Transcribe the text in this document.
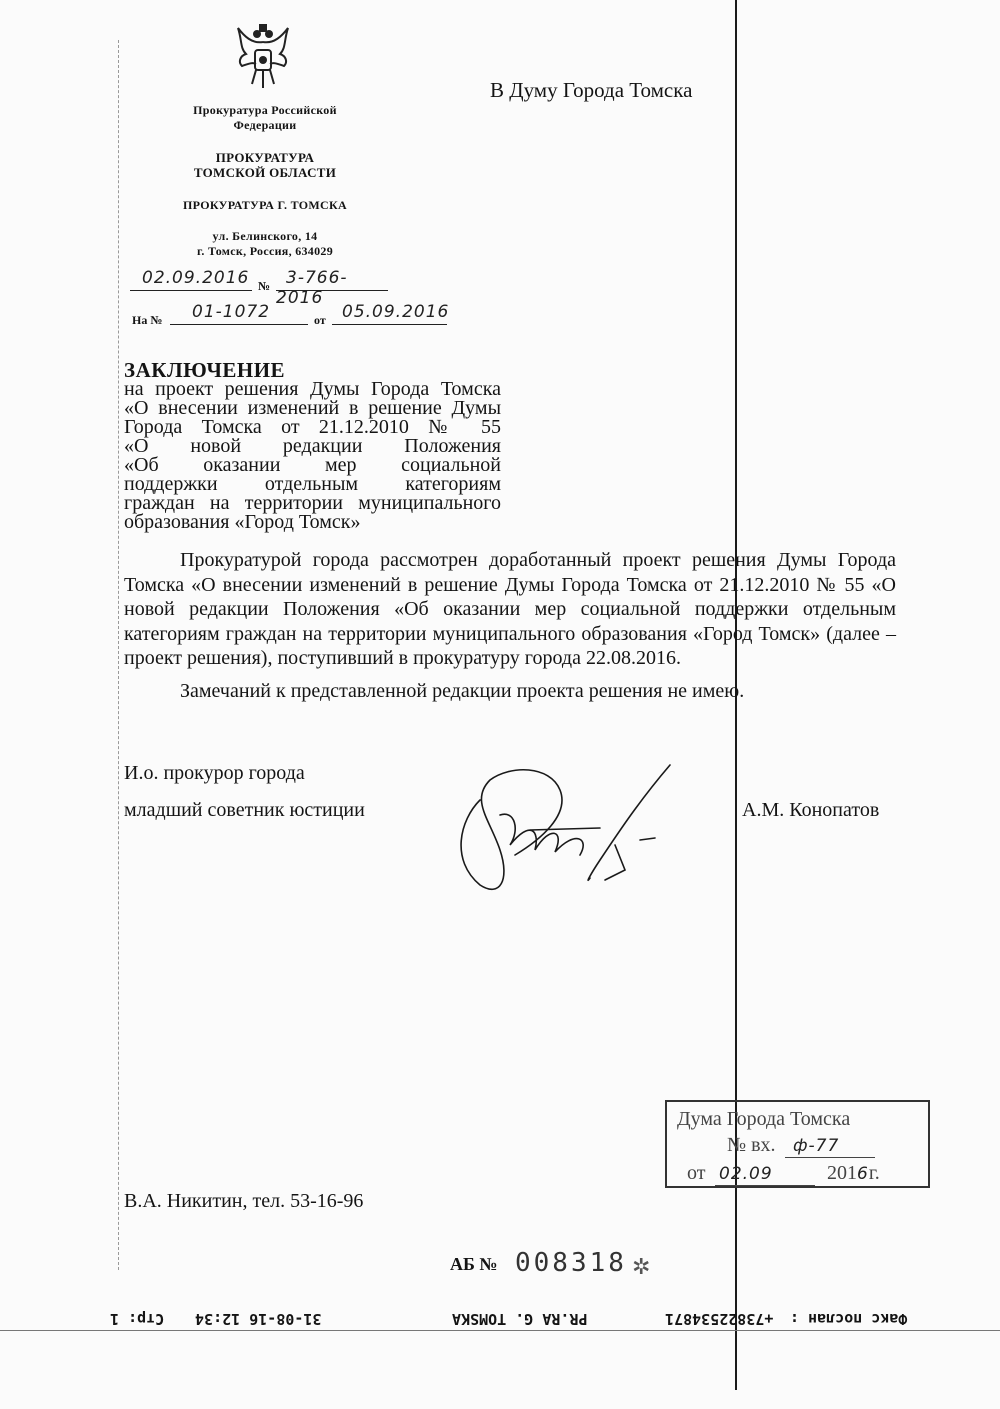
Прокуратура Российской
Федерации
ПРОКУРАТУРА
ТОМСКОЙ ОБЛАСТИ
ПРОКУРАТУРА Г. ТОМСКА
ул. Белинского, 14
г. Томск, Россия, 634029
02.09.2016 № 3-766-2016
На №	01-1072	от 05.09.2016
В Думу Города Томска
ЗАКЛЮЧЕНИЕ
на проект решения Думы Города Томска
«О внесении изменений в решение Думы
Города Томска от 21.12.2010 № 55
«О новой редакции Положения
«Об оказании мер социальной
поддержки отдельным категориям
граждан на территории муниципального
образования «Город Томск»

Прокуратурой города рассмотрен доработанный проект решения Думы Города Томска «О внесении изменений в решение Думы Города Томска от 21.12.2010 № 55 «О новой редакции Положения «Об оказании мер социальной поддержки отдельным категориям граждан на территории муниципального образования «Город Томск» (далее – проект решения), поступивший в прокуратуру города 22.08.2016.

Замечаний к представленной редакции проекта решения не имею.

И.о. прокурор города
младший советник юстиции	А.М. Конопатов
Дума Города Томска
№ вх.	ф-77
от 02.09	2016г.
В.А. Никитин, тел. 53-16-96
АБ № 008318 ✲
31-08-16 12:34
Стр: 1	PR.RA G. TOMSKA	+73822534871 Факс послан :
